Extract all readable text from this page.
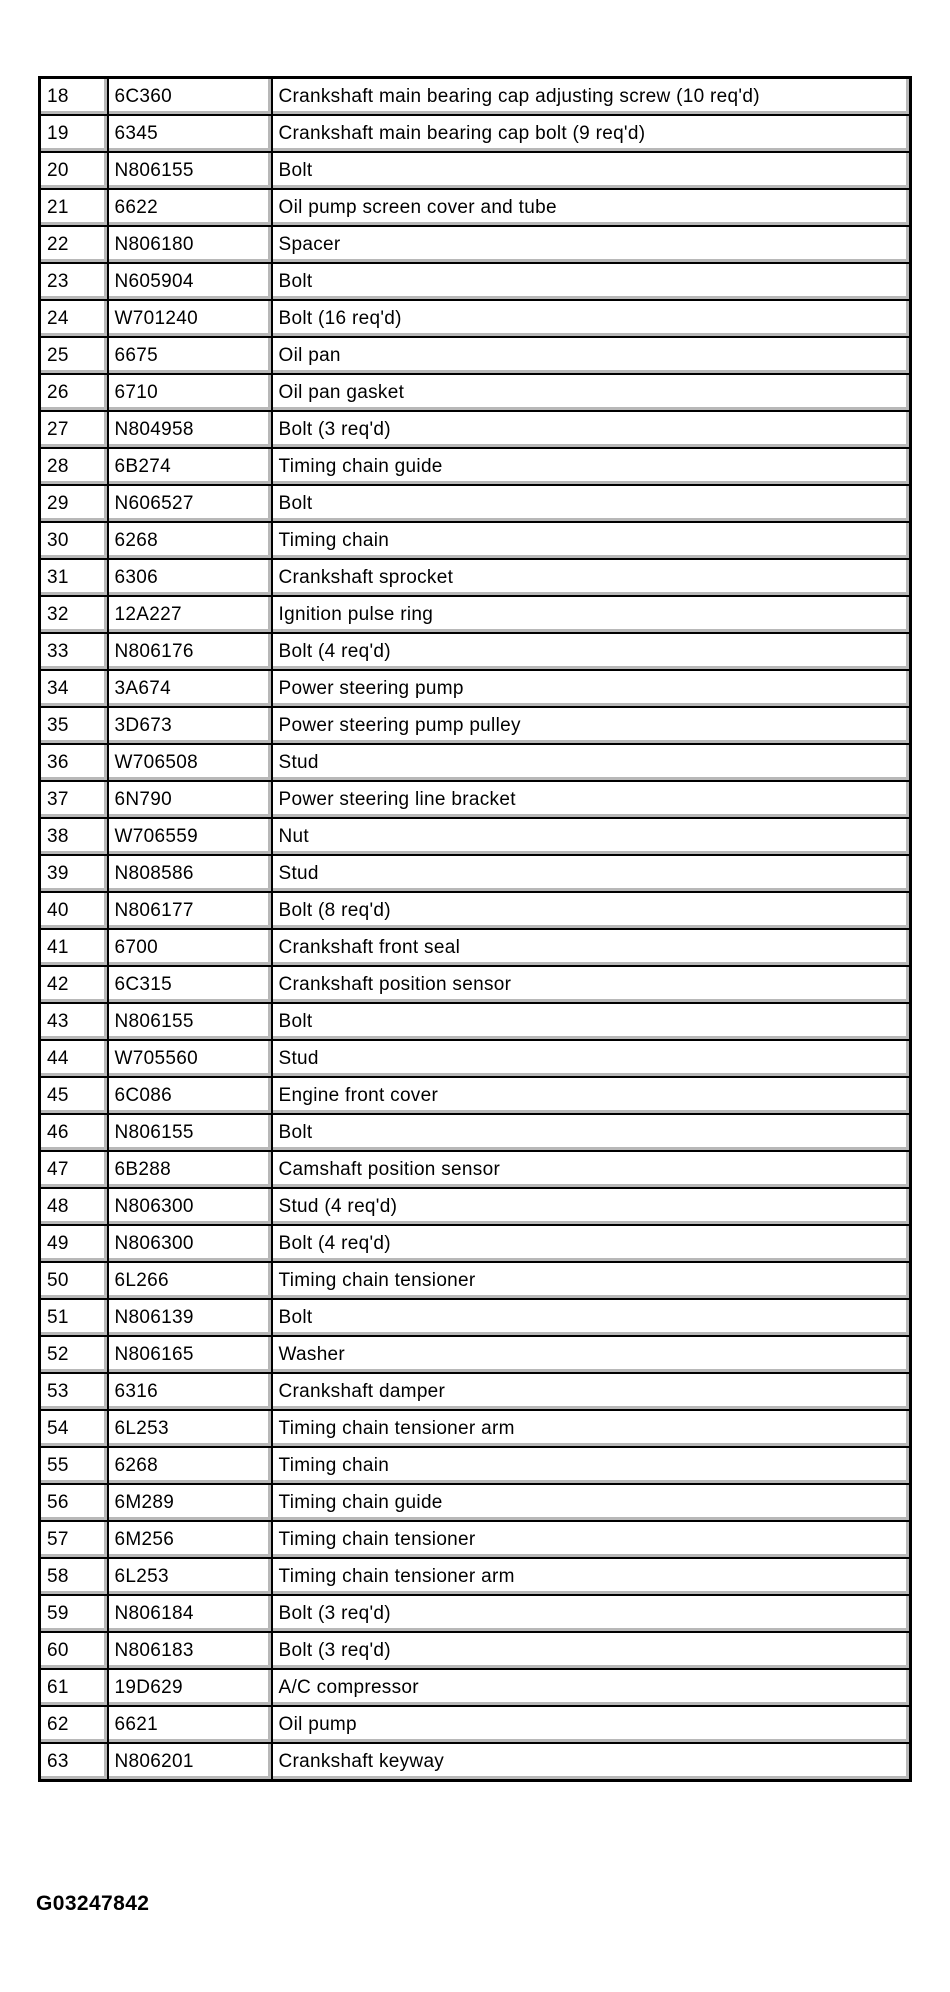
18	6C360	Crankshaft main bearing cap adjusting screw (10 req'd)
19	6345	Crankshaft main bearing cap bolt (9 req'd)
20	N806155	Bolt
21	6622	Oil pump screen cover and tube
22	N806180	Spacer
23	N605904	Bolt
24	W701240	Bolt (16 req'd)
25	6675	Oil pan
26	6710	Oil pan gasket
27	N804958	Bolt (3 req'd)
28	6B274	Timing chain guide
29	N606527	Bolt
30	6268	Timing chain
31	6306	Crankshaft sprocket
32	12A227	Ignition pulse ring
33	N806176	Bolt (4 req'd)
34	3A674	Power steering pump
35	3D673	Power steering pump pulley
36	W706508	Stud
37	6N790	Power steering line bracket
38	W706559	Nut
39	N808586	Stud
40	N806177	Bolt (8 req'd)
41	6700	Crankshaft front seal
42	6C315	Crankshaft position sensor
43	N806155	Bolt
44	W705560	Stud
45	6C086	Engine front cover
46	N806155	Bolt
47	6B288	Camshaft position sensor
48	N806300	Stud (4 req'd)
49	N806300	Bolt (4 req'd)
50	6L266	Timing chain tensioner
51	N806139	Bolt
52	N806165	Washer
53	6316	Crankshaft damper
54	6L253	Timing chain tensioner arm
55	6268	Timing chain
56	6M289	Timing chain guide
57	6M256	Timing chain tensioner
58	6L253	Timing chain tensioner arm
59	N806184	Bolt (3 req'd)
60	N806183	Bolt (3 req'd)
61	19D629	A/C compressor
62	6621	Oil pump
63	N806201	Crankshaft keyway
G03247842
